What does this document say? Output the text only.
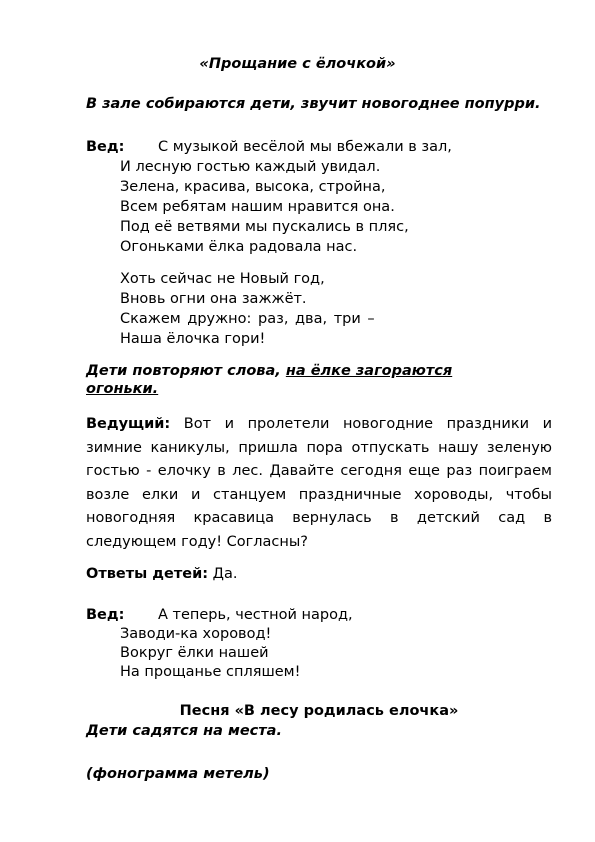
«Прощание с ёлочкой»
В зале собираются дети, звучит новогоднее попурри.
Вед: С музыкой весёлой мы вбежали в зал,
И лесную гостью каждый увидал.
Зелена, красива, высока, стройна,
Всем ребятам нашим нравится она.
Под её ветвями мы пускались в пляс,
Огоньками ёлка радовала нас.
Хоть сейчас не Новый год,
Вновь огни она зажжёт.
Скажем дружно: раз, два, три –
Наша ёлочка гори!
Дети повторяют слова, на ёлке загораются
огоньки.
Ведущий: Вот и пролетели новогодние праздники и зимние каникулы, пришла пора отпускать нашу зеленую гостью - елочку в лес. Давайте сегодня еще раз поиграем возле елки и станцуем праздничные хороводы, чтобы новогодняя красавица вернулась в детский сад в следующем году! Согласны?
Ответы детей: Да.
Вед: А теперь, честной народ,
Заводи-ка хоровод!
Вокруг ёлки нашей
На прощанье спляшем!
Песня «В лесу родилась елочка»
Дети садятся на места.
(фонограмма метель)
